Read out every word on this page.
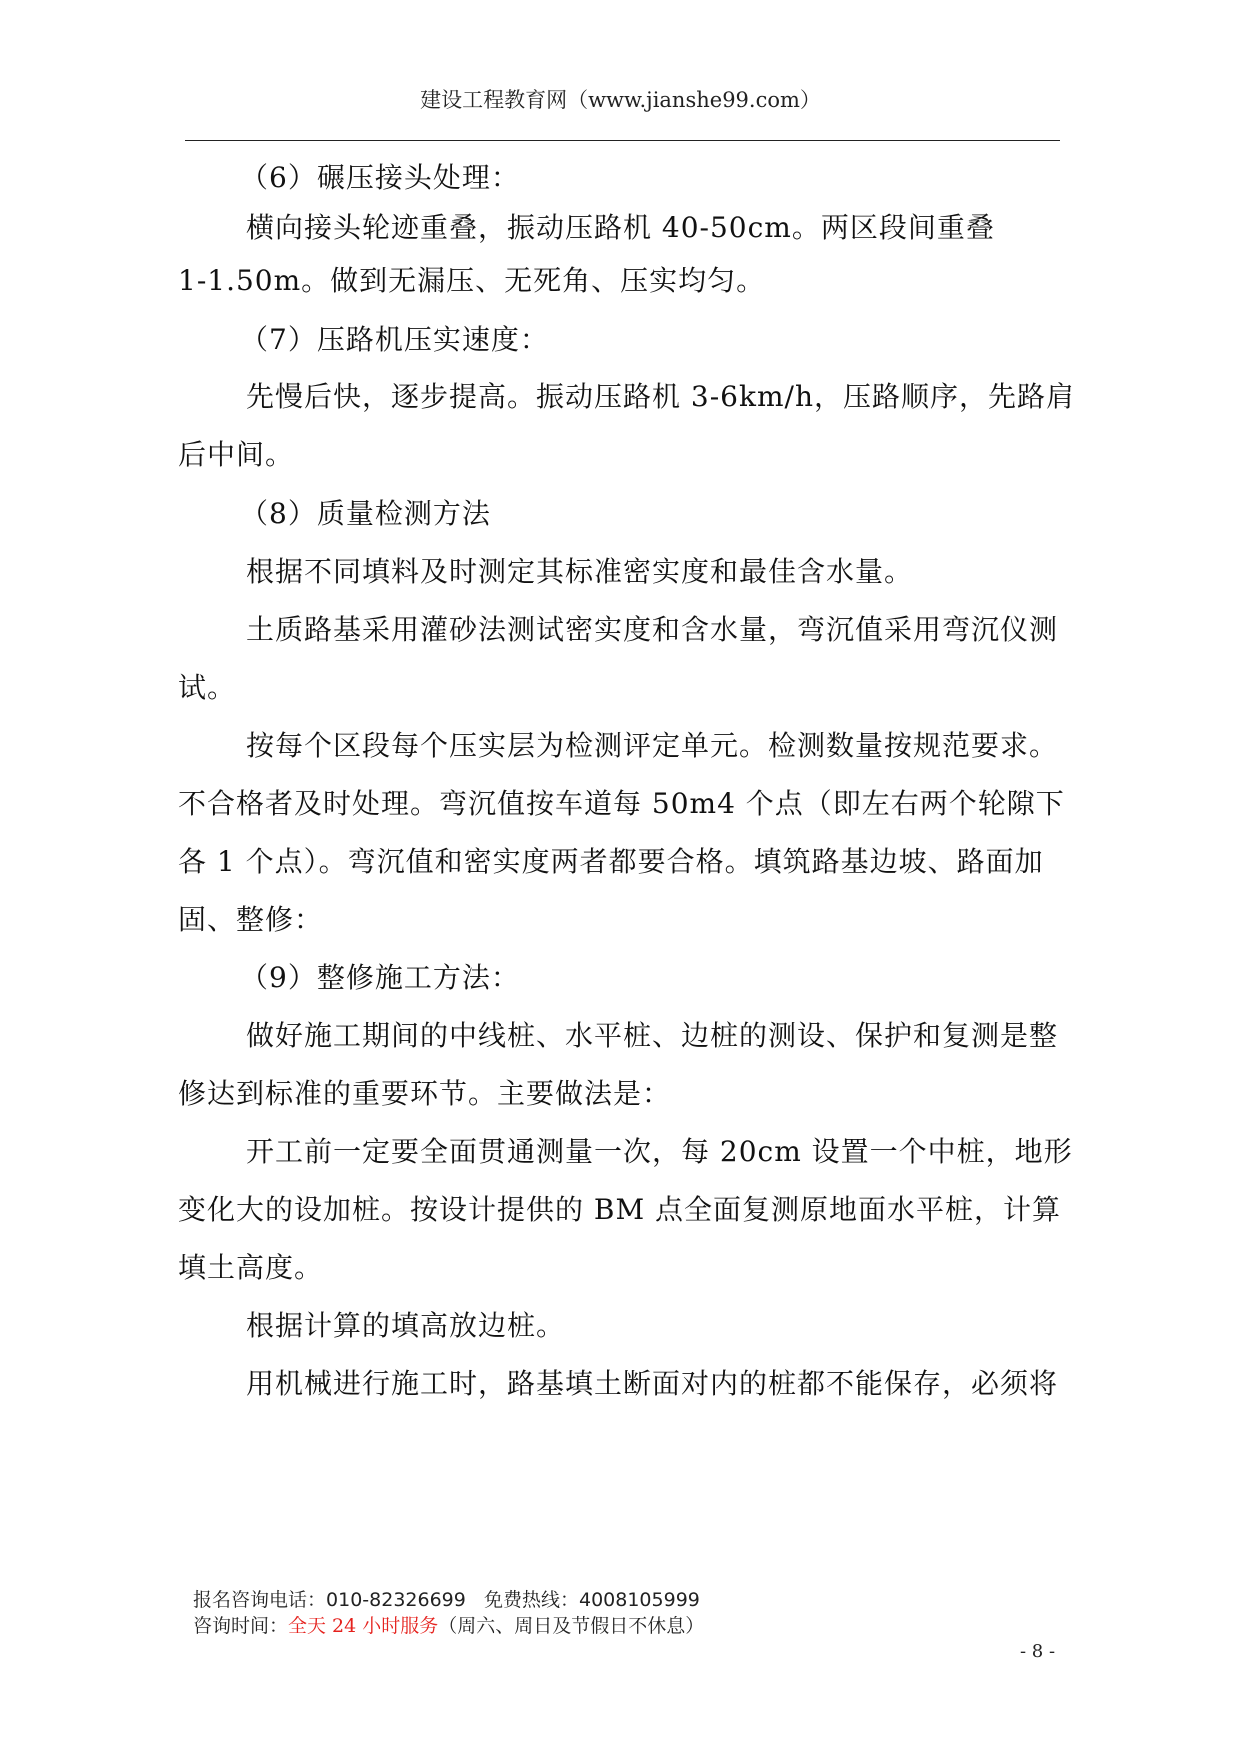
建设工程教育网（www.jianshe99.com）
（6）碾压接头处理：
横向接头轮迹重叠，振动压路机 40-50cm。两区段间重叠
1-1.50m。做到无漏压、无死角、压实均匀。
（7）压路机压实速度：
先慢后快，逐步提高。振动压路机 3-6km/h，压路顺序，先路肩
后中间。
（8）质量检测方法
根据不同填料及时测定其标准密实度和最佳含水量。
土质路基采用灌砂法测试密实度和含水量，弯沉值采用弯沉仪测
试。
按每个区段每个压实层为检测评定单元。检测数量按规范要求。
不合格者及时处理。弯沉值按车道每 50m4 个点（即左右两个轮隙下
各 1 个点）。弯沉值和密实度两者都要合格。填筑路基边坡、路面加
固、整修：
（9）整修施工方法：
做好施工期间的中线桩、水平桩、边桩的测设、保护和复测是整
修达到标准的重要环节。主要做法是：
开工前一定要全面贯通测量一次，每 20cm 设置一个中桩，地形
变化大的设加桩。按设计提供的 BM 点全面复测原地面水平桩，计算
填土高度。
根据计算的填高放边桩。
用机械进行施工时，路基填土断面对内的桩都不能保存，必须将
报名咨询电话：010-82326699 免费热线：4008105999
咨询时间：全天 24 小时服务（周六、周日及节假日不休息）
- 8 -
